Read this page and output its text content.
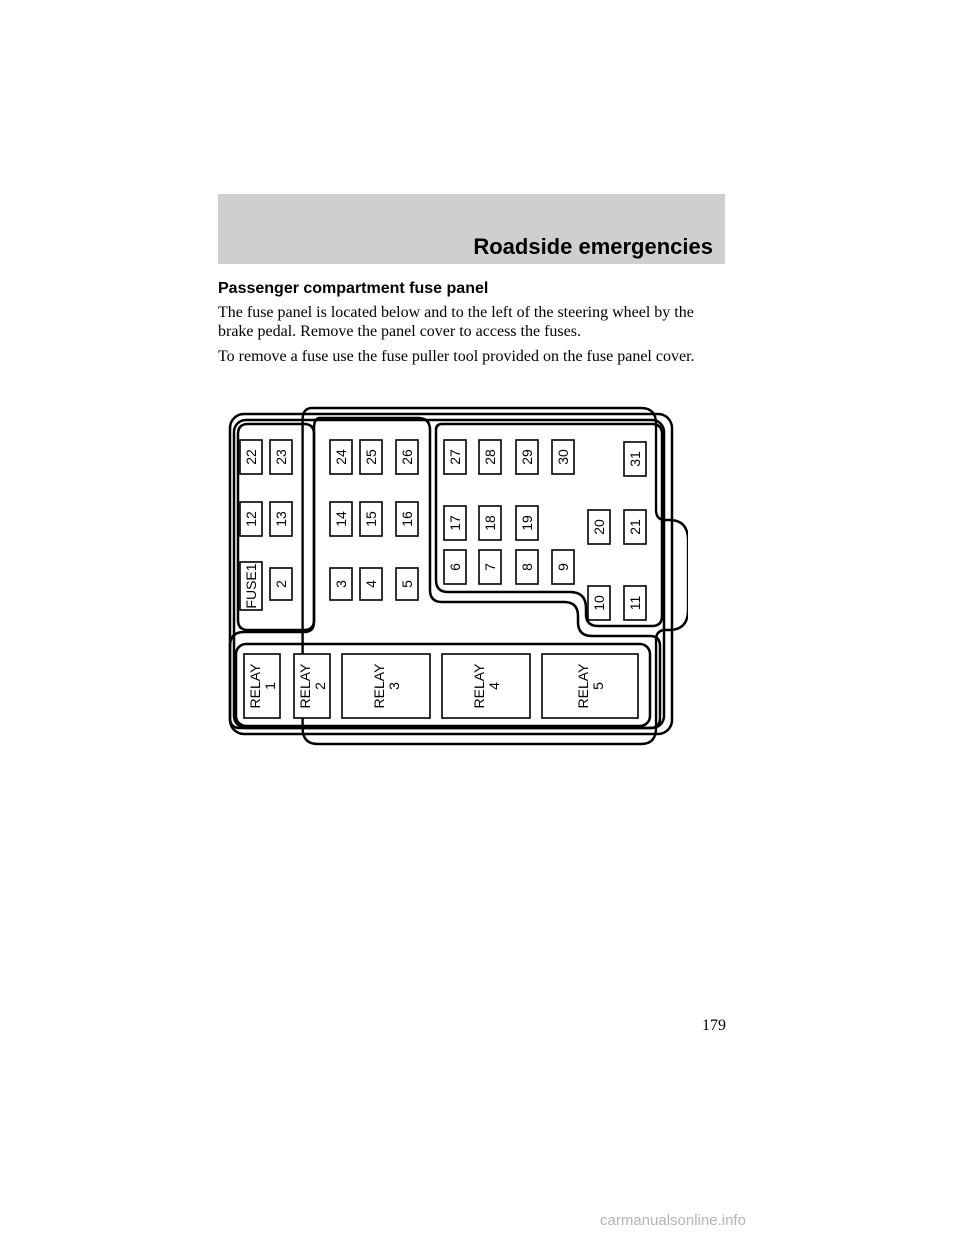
Roadside emergencies
Passenger compartment fuse panel
The fuse panel is located below and to the left of the steering wheel by the brake pedal. Remove the panel cover to access the fuses.
To remove a fuse use the fuse puller tool provided on the fuse panel cover.
FUSE1 2	3 4 5
6 7 8 9
10 11
12 13	14 15 16 17 18 19	20 21
22 23	24 25 26 27 28 29 30	31
RELAY1 RELAY2	RELAY3	RELAY4	RELAY5
179
carmanualsonline.info
